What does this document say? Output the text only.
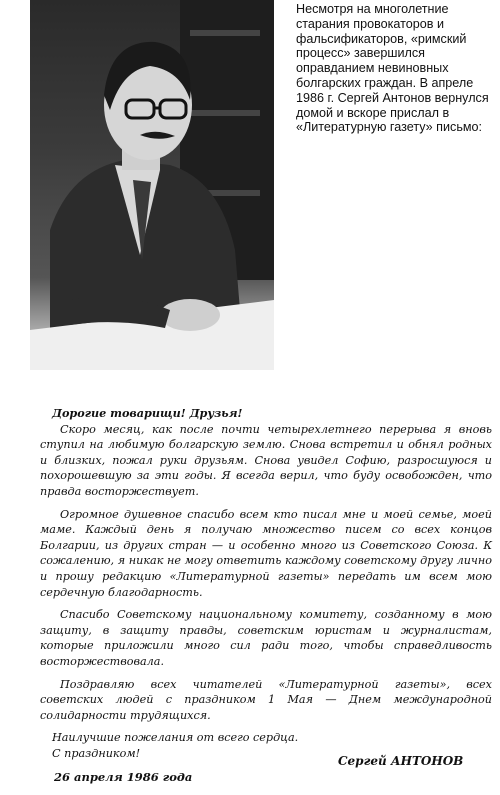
Несмотря на многолетние старания провокаторов и фальсификаторов, «римский процесс» завершился оправданием невиновных болгарских граждан. В апреле 1986 г. Сергей Антонов вернулся домой и вскоре прислал в «Литературную газету» письмо:

Дорогие товарищи! Друзья!

Скоро месяц, как после почти четырехлетнего перерыва я вновь ступил на любимую болгарскую землю. Снова встретил и обнял родных и близких, пожал руки друзьям. Снова увидел Софию, разросшуюся и похорошевшую за эти годы. Я всегда верил, что буду освобожден, что правда восторжествует.

Огромное душевное спасибо всем кто писал мне и моей семье, моей маме. Каждый день я получаю множество писем со всех концов Болгарии, из других стран — и особенно много из Советского Союза. К сожалению, я никак не могу ответить каждому советскому другу лично и прошу редакцию «Литературной газеты» передать им всем мою сердечную благодарность.

Спасибо Советскому национальному комитету, созданному в мою защиту, в защиту правды, советским юристам и журналистам, которые приложили много сил ради того, чтобы справедливость восторжествовала.

Поздравляю всех читателей «Литературной газеты», всех советских людей с праздником 1 Мая — Днем международной солидарности трудящихся.

Наилучшие пожелания от всего сердца.

С праздником!

Сергей АНТОНОВ
26 апреля 1986 года
